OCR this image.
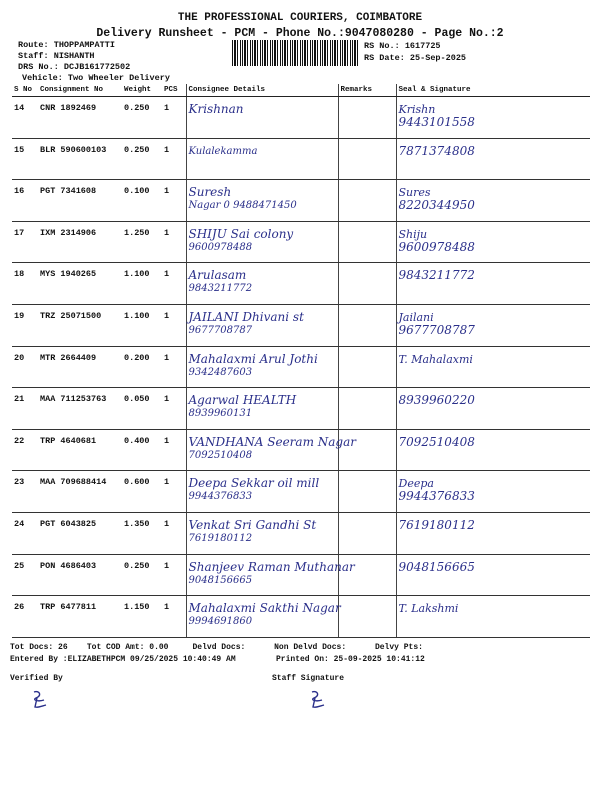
THE PROFESSIONAL COURIERS, COIMBATORE
Delivery Runsheet - PCM - Phone No.:9047080280 - Page No.:2
Route: THOPPAMPATTI
Staff: NISHANTH
DRS No.: DCJB161772502
Vehicle: Two Wheeler Delivery
RS No.: 1617725
RS Date: 25-Sep-2025
S No	Consignment No	Weight	PCS	Consignee Details	Remarks	Seal & Signature
14	CNR 1892469	0.250	1	Krishnan		Krishn
9443101558

15	BLR 590600103	0.250	1	Kulalekamma		7871374808

16	PGT 7341608	0.100	1	Suresh
Nagar 0 9488471450		Sures
8220344950

17	IXM 2314906	1.250	1	SHIJU Sai colony
9600978488		Shiju
9600978488

18	MYS 1940265	1.100	1	Arulasam
9843211772		9843211772

19	TRZ 25071500	1.100	1	JAILANI Dhivani st
9677708787		Jailani
9677708787

20	MTR 2664409	0.200	1	Mahalaxmi Arul Jothi
9342487603		T. Mahalaxmi

21	MAA 711253763	0.050	1	Agarwal HEALTH
8939960131		8939960220

22	TRP 4640681	0.400	1	VANDHANA Seeram Nagar
7092510408		7092510408

23	MAA 709688414	0.600	1	Deepa Sekkar oil mill
9944376833		Deepa
9944376833

24	PGT 6043825	1.350	1	Venkat Sri Gandhi St
7619180112		7619180112

25	PON 4686403	0.250	1	Shanjeev Raman Muthanar
9048156665		9048156665

26	TRP 6477811	1.150	1	Mahalaxmi Sakthi Nagar
9994691860		T. Lakshmi
Tot Docs: 26 Tot COD Amt: 0.00	Delvd Docs:	Non Delvd Docs:	Delvy Pts:
Entered By :ELIZABETHPCM 09/25/2025 10:40:49 AM	Printed On: 25-09-2025 10:41:12
Verified By	Staff Signature
